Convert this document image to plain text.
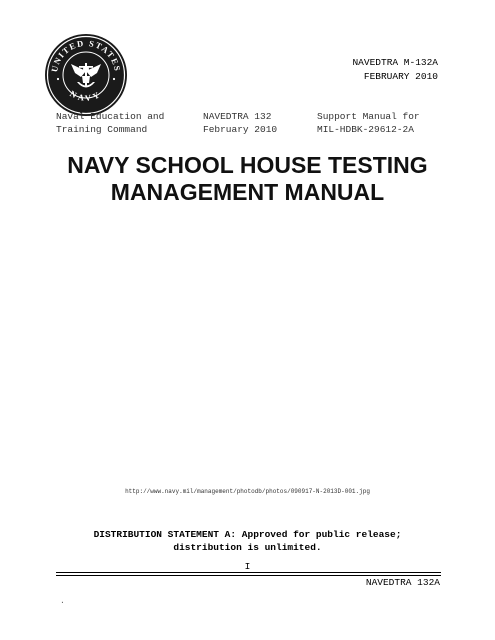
UNITED STATES
NAVY
NAVEDTRA M-132A
FEBRUARY 2010
Naval Education and
Training Command
NAVEDTRA 132
February 2010
Support Manual for
MIL-HDBK-29612-2A
NAVY SCHOOL HOUSE TESTING
MANAGEMENT MANUAL
http://www.navy.mil/management/photodb/photos/090917-N-2013D-001.jpg
DISTRIBUTION STATEMENT A: Approved for public release;
distribution is unlimited.
I
NAVEDTRA 132A
.
